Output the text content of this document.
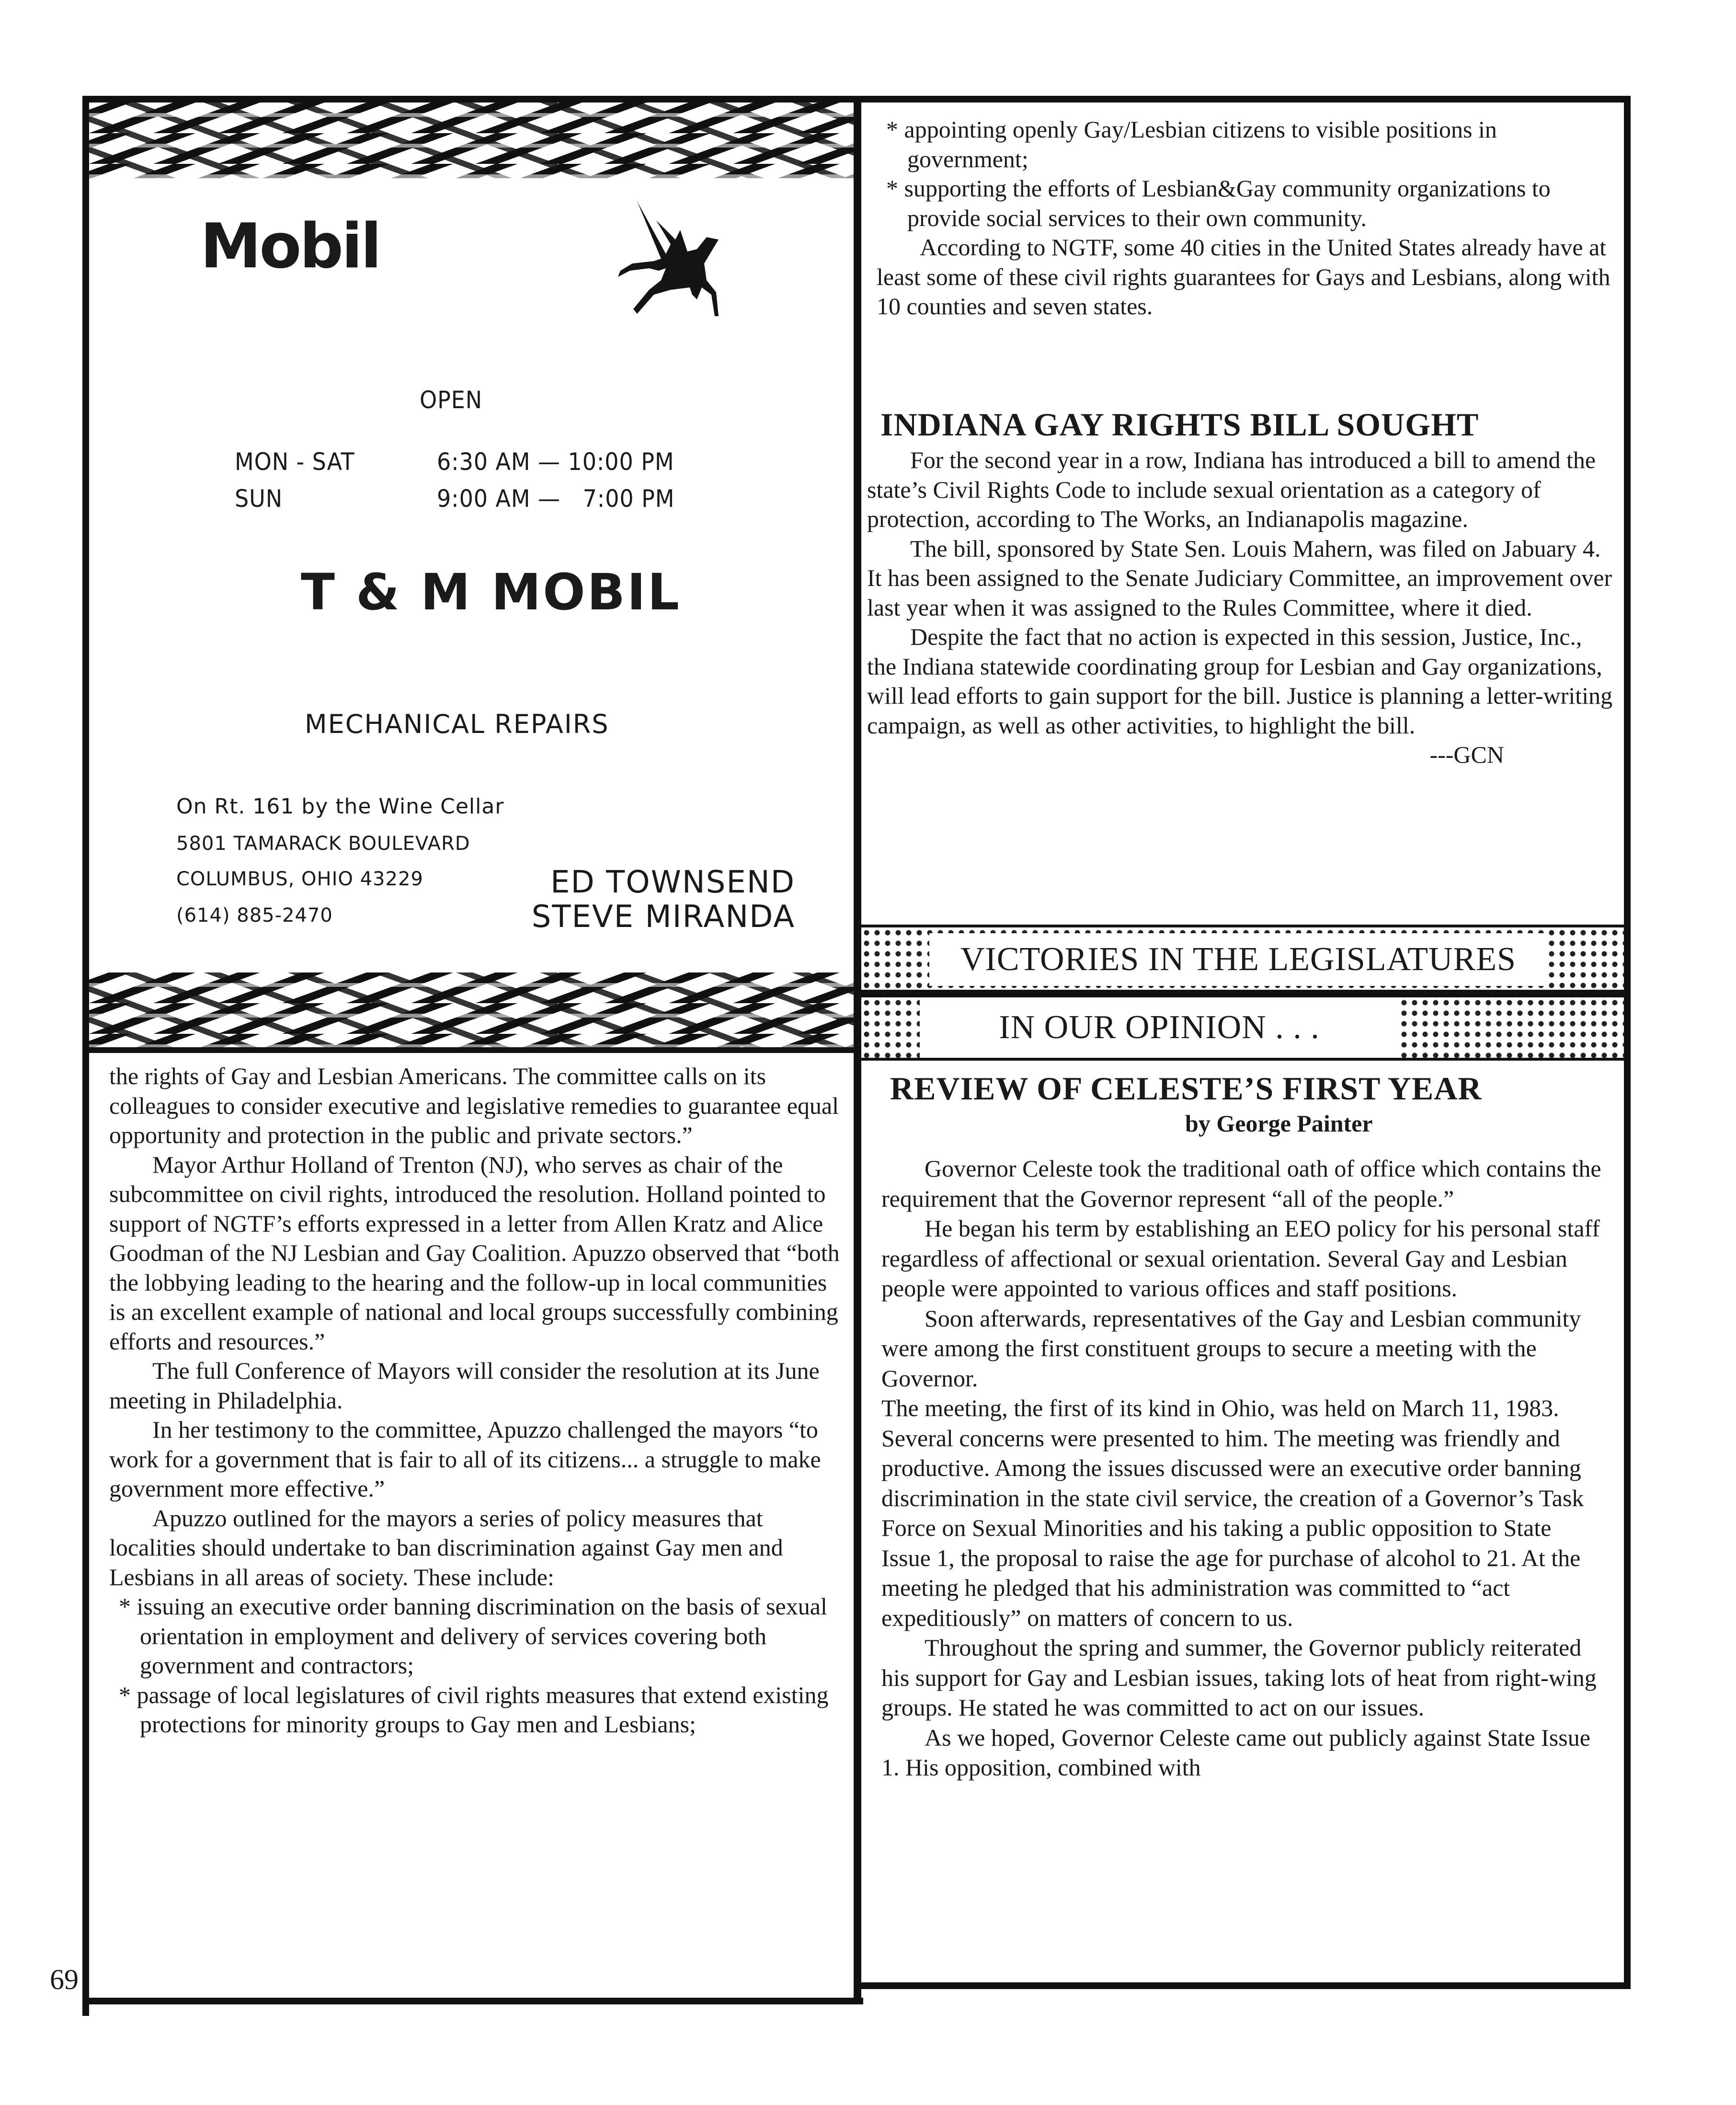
Mobil
OPEN
MON - SAT	6:30 AM — 10:00 PM
SUN	9:00 AM —   7:00 PM
T & M MOBIL
MECHANICAL REPAIRS
On Rt. 161 by the Wine Cellar
5801 TAMARACK BOULEVARD
COLUMBUS, OHIO 43229
(614) 885-2470
ED TOWNSEND
STEVE MIRANDA

the rights of Gay and Lesbian Americans. The committee calls on its colleagues to consider executive and legislative remedies to guarantee equal opportunity and protection in the public and private sectors.”

Mayor Arthur Holland of Trenton (NJ), who serves as chair of the subcommittee on civil rights, introduced the resolution. Holland pointed to support of NGTF’s efforts expressed in a letter from Allen Kratz and Alice Goodman of the NJ Lesbian and Gay Coalition. Apuzzo observed that “both the lobbying leading to the hearing and the follow-up in local communities is an excellent example of national and local groups successfully combining efforts and resources.”

The full Conference of Mayors will consider the resolution at its June meeting in Philadelphia.

In her testimony to the committee, Apuzzo challenged the mayors “to work for a government that is fair to all of its citizens... a struggle to make government more effective.”

Apuzzo outlined for the mayors a series of policy measures that localities should undertake to ban discrimination against Gay men and Lesbians in all areas of society. These include:

* issuing an executive order banning discrimination on the basis of sexual orientation in employment and delivery of services covering both government and contractors;

* passage of local legislatures of civil rights measures that extend existing protections for minority groups to Gay men and Lesbians;

69

* appointing openly Gay/Lesbian citizens to visible positions in government;

* supporting the efforts of Lesbian&Gay community organizations to provide social services to their own community.

According to NGTF, some 40 cities in the United States already have at least some of these civil rights guarantees for Gays and Lesbians, along with 10 counties and seven states.

INDIANA GAY RIGHTS BILL SOUGHT

For the second year in a row, Indiana has introduced a bill to amend the state’s Civil Rights Code to include sexual orientation as a category of protection, according to The Works, an Indianapolis magazine.

The bill, sponsored by State Sen. Louis Mahern, was filed on Jabuary 4. It has been assigned to the Senate Judiciary Committee, an improvement over last year when it was assigned to the Rules Committee, where it died.

Despite the fact that no action is expected in this session, Justice, Inc., the Indiana statewide coordinating group for Lesbian and Gay organizations, will lead efforts to gain support for the bill. Justice is planning a letter-writing campaign, as well as other activities, to highlight the bill.

---GCN

VICTORIES IN THE LEGISLATURES
IN OUR OPINION . . .
REVIEW OF CELESTE’S FIRST YEAR
by George Painter

Governor Celeste took the traditional oath of office which contains the requirement that the Governor represent “all of the people.”

He began his term by establishing an EEO policy for his personal staff regardless of affectional or sexual orientation. Several Gay and Lesbian people were appointed to various offices and staff positions.

Soon afterwards, representatives of the Gay and Lesbian community were among the first constituent groups to secure a meeting with the Governor.

The meeting, the first of its kind in Ohio, was held on March 11, 1983. Several concerns were presented to him. The meeting was friendly and productive. Among the issues discussed were an executive order banning discrimination in the state civil service, the creation of a Governor’s Task Force on Sexual Minorities and his taking a public opposition to State Issue 1, the proposal to raise the age for purchase of alcohol to 21. At the meeting he pledged that his administration was committed to “act expeditiously” on matters of concern to us.

Throughout the spring and summer, the Governor publicly reiterated his support for Gay and Lesbian issues, taking lots of heat from right-wing groups. He stated he was committed to act on our issues.

As we hoped, Governor Celeste came out publicly against State Issue 1. His opposition, combined with
